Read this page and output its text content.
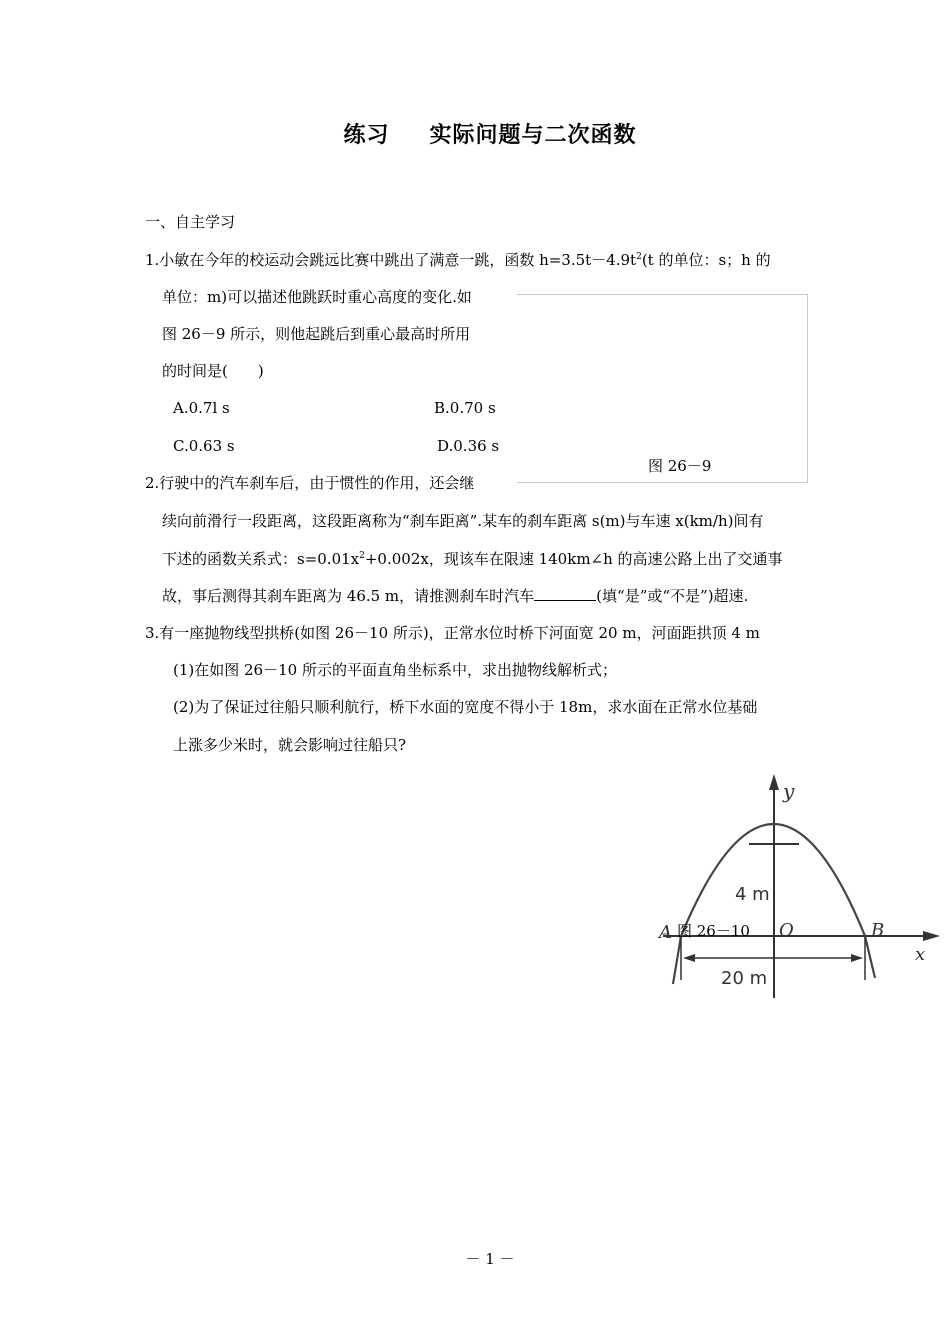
练习 实际问题与二次函数
一、自主学习
1.小敏在今年的校运动会跳远比赛中跳出了满意一跳，函数 $h=3.5t-4.9t^2(t$ 的单位：s；h 的
单位：m)可以描述他跳跃时重心高度的变化.如
图 26－9 所示，则他起跳后到重心最高时所用
的时间是(　　)
A.0.7l s	B.0.70 s
C.0.63 s	D.0.36 s
图 26－9
2.行驶中的汽车刹车后，由于惯性的作用，还会继
续向前滑行一段距离，这段距离称为“刹车距离”.某车的刹车距离 s(m)与车速 x(km/h)间有
下述的函数关系式：$s=0.01x^2+0.002x$，现该车在限速 140km∠h 的高速公路上出了交通事
故，事后测得其刹车距离为 46.5 m，请推测刹车时汽车	(填“是”或“不是”)超速.
3.有一座抛物线型拱桥(如图 26－10 所示)，正常水位时桥下河面宽 20 m，河面距拱顶 4 m
(1)在如图 26－10 所示的平面直角坐标系中，求出抛物线解析式；
(2)为了保证过往船只顺利航行，桥下水面的宽度不得小于 18m，求水面在正常水位基础
上涨多少米时，就会影响过往船只?
y
x
4 m
20 m
A	B
O
图 26－10
－ 1 －
